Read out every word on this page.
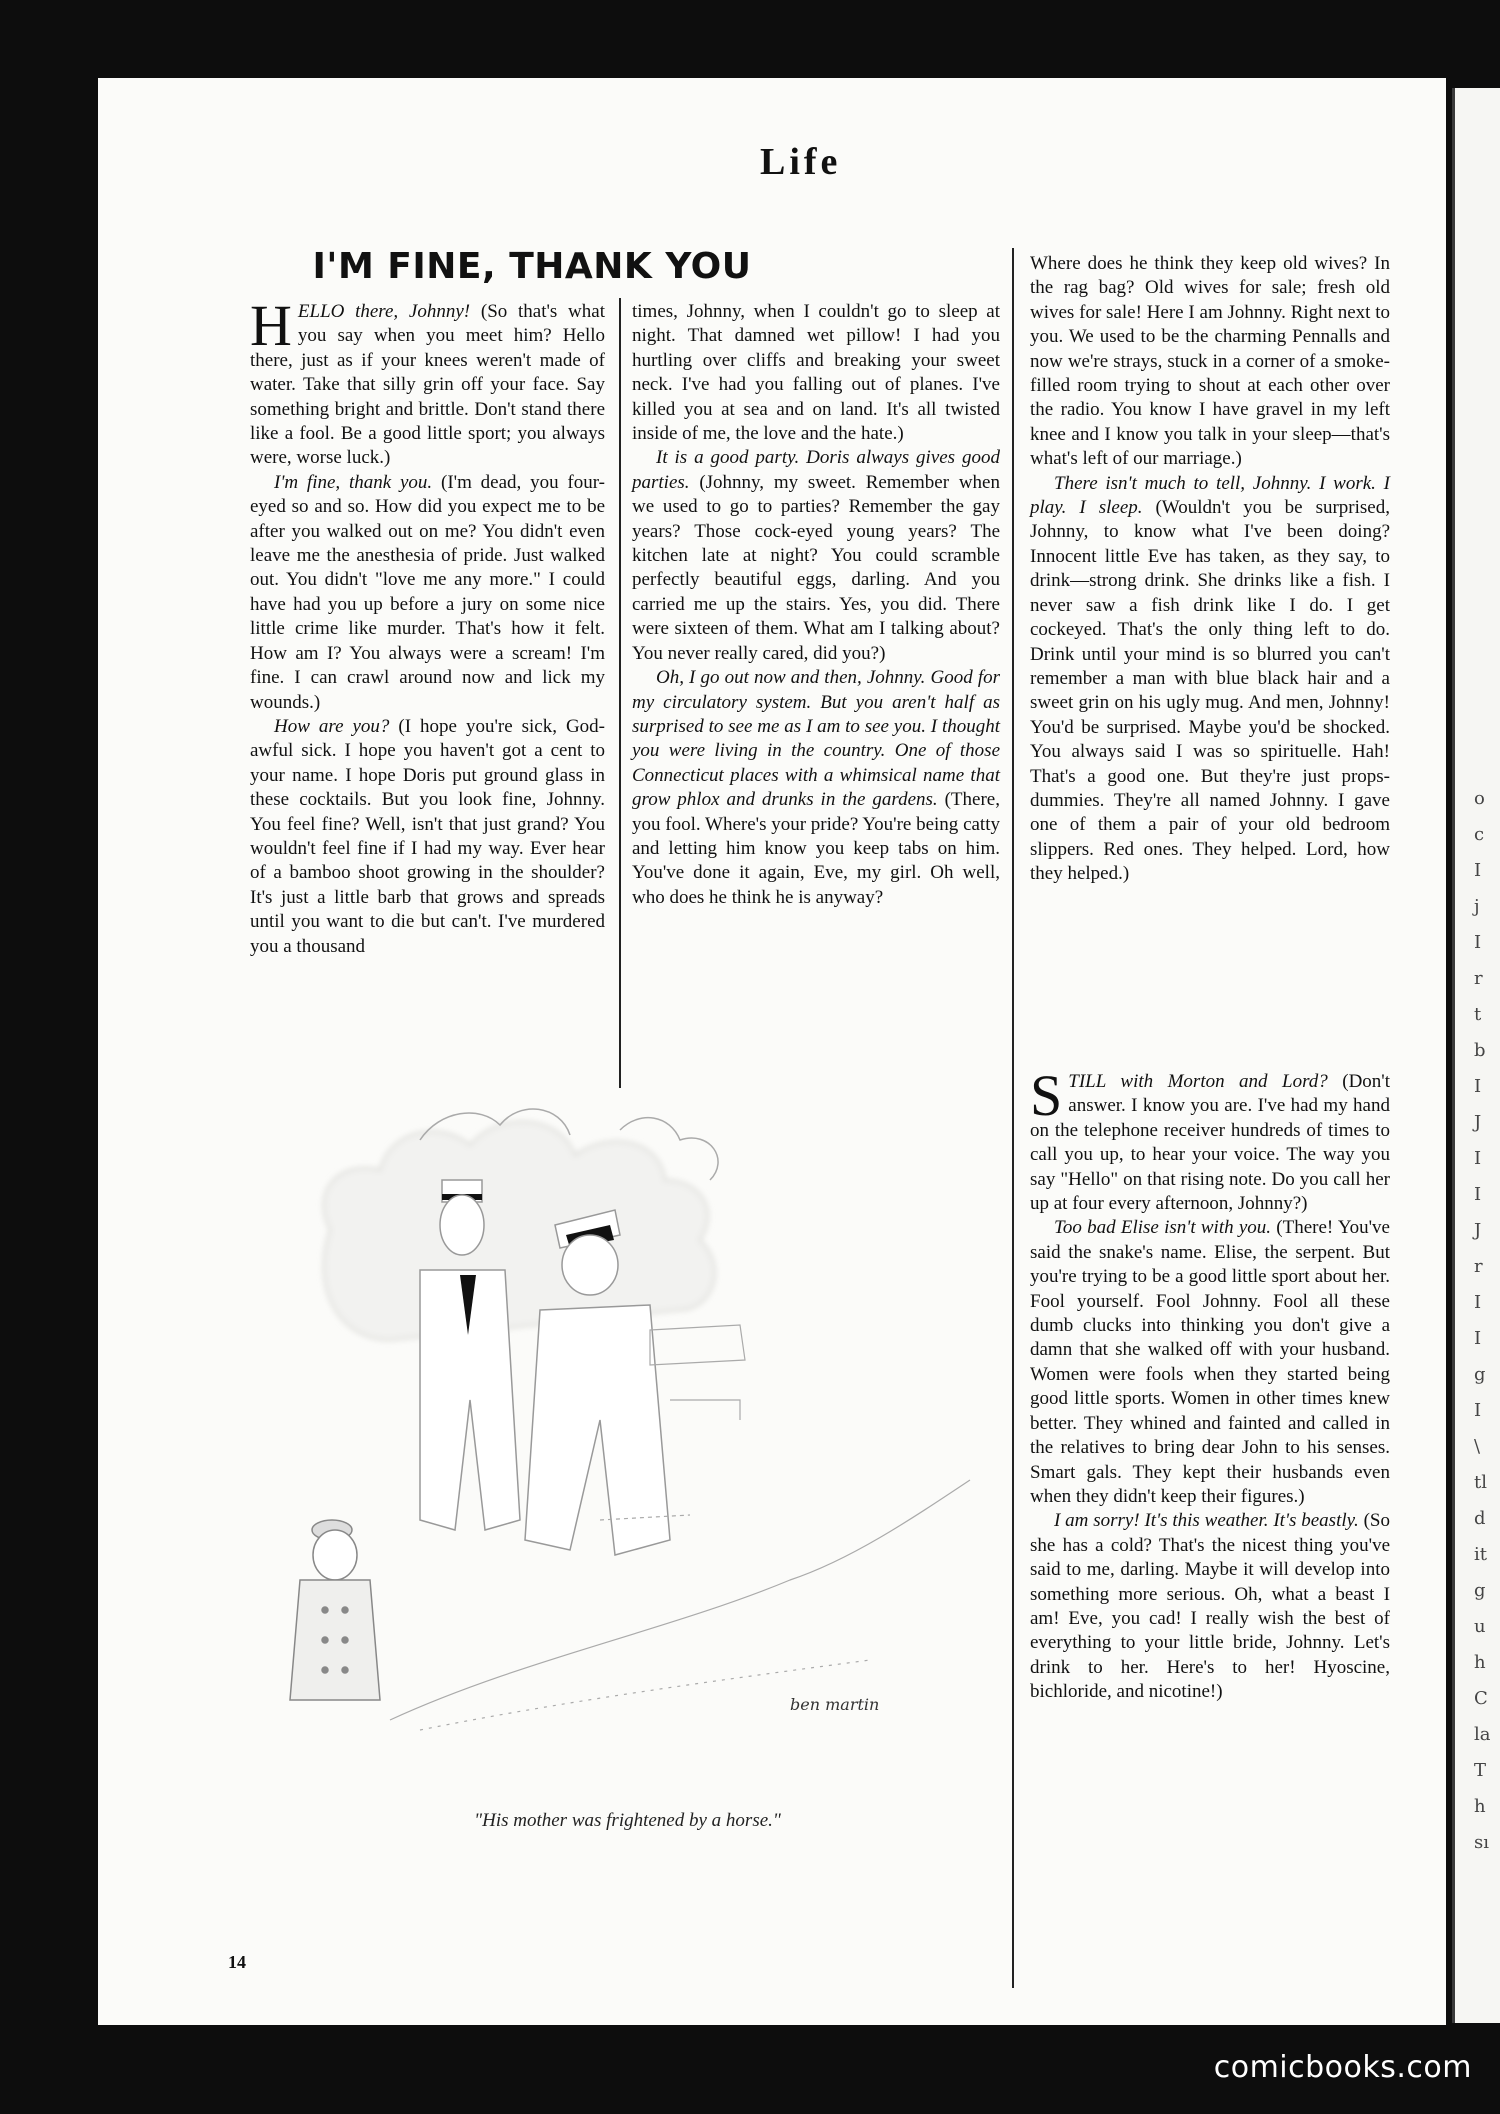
o
c
I
j
I
r
t
b
I
J
I
I
J
r
I
I
g
I
\
tl
d
it
g
u
h
C
la
T
h
sı
Life
I'M FINE, THANK YOU

HELLO there, Johnny! (So that's what you say when you meet him? Hello there, just as if your knees weren't made of water. Take that silly grin off your face. Say something bright and brittle. Don't stand there like a fool. Be a good little sport; you always were, worse luck.)

I'm fine, thank you. (I'm dead, you four-eyed so and so. How did you expect me to be after you walked out on me? You didn't even leave me the anesthesia of pride. Just walked out. You didn't "love me any more." I could have had you up before a jury on some nice little crime like murder. That's how it felt. How am I? You always were a scream! I'm fine. I can crawl around now and lick my wounds.)

How are you? (I hope you're sick, God-awful sick. I hope you haven't got a cent to your name. I hope Doris put ground glass in these cocktails. But you look fine, Johnny. You feel fine? Well, isn't that just grand? You wouldn't feel fine if I had my way. Ever hear of a bamboo shoot growing in the shoulder? It's just a little barb that grows and spreads until you want to die but can't. I've murdered you a thousand

times, Johnny, when I couldn't go to sleep at night. That damned wet pillow! I had you hurtling over cliffs and breaking your sweet neck. I've had you falling out of planes. I've killed you at sea and on land. It's all twisted inside of me, the love and the hate.)

It is a good party. Doris always gives good parties. (Johnny, my sweet. Remember when we used to go to parties? Remember the gay years? Those cock-eyed young years? The kitchen late at night? You could scramble perfectly beautiful eggs, darling. And you carried me up the stairs. Yes, you did. There were sixteen of them. What am I talking about? You never really cared, did you?)

Oh, I go out now and then, Johnny. Good for my circulatory system. But you aren't half as surprised to see me as I am to see you. I thought you were living in the country. One of those Connecticut places with a whimsical name that grow phlox and drunks in the gardens. (There, you fool. Where's your pride? You're being catty and letting him know you keep tabs on him. You've done it again, Eve, my girl. Oh well, who does he think he is anyway?

Where does he think they keep old wives? In the rag bag? Old wives for sale; fresh old wives for sale! Here I am Johnny. Right next to you. We used to be the charming Pennalls and now we're strays, stuck in a corner of a smoke-filled room trying to shout at each other over the radio. You know I have gravel in my left knee and I know you talk in your sleep—that's what's left of our marriage.)

There isn't much to tell, Johnny. I work. I play. I sleep. (Wouldn't you be surprised, Johnny, to know what I've been doing? Innocent little Eve has taken, as they say, to drink—strong drink. She drinks like a fish. I never saw a fish drink like I do. I get cockeyed. That's the only thing left to do. Drink until your mind is so blurred you can't remember a man with blue black hair and a sweet grin on his ugly mug. And men, Johnny! You'd be surprised. Maybe you'd be shocked. You always said I was so spirituelle. Hah! That's a good one. But they're just props-dummies. They're all named Johnny. I gave one of them a pair of your old bedroom slippers. Red ones. They helped. Lord, how they helped.)

STILL with Morton and Lord? (Don't answer. I know you are. I've had my hand on the telephone receiver hundreds of times to call you up, to hear your voice. The way you say "Hello" on that rising note. Do you call her up at four every afternoon, Johnny?)

Too bad Elise isn't with you. (There! You've said the snake's name. Elise, the serpent. But you're trying to be a good little sport about her. Fool yourself. Fool Johnny. Fool all these dumb clucks into thinking you don't give a damn that she walked off with your husband. Women were fools when they started being good little sports. Women in other times knew better. They whined and fainted and called in the relatives to bring dear John to his senses. Smart gals. They kept their husbands even when they didn't keep their figures.)

I am sorry! It's this weather. It's beastly. (So she has a cold? That's the nicest thing you've said to me, darling. Maybe it will develop into something more serious. Oh, what a beast I am! Eve, you cad! I really wish the best of everything to your little bride, Johnny. Let's drink to her. Here's to her! Hyoscine, bichloride, and nicotine!)

ben martin
"His mother was frightened by a horse."
14
comicbooks.com
